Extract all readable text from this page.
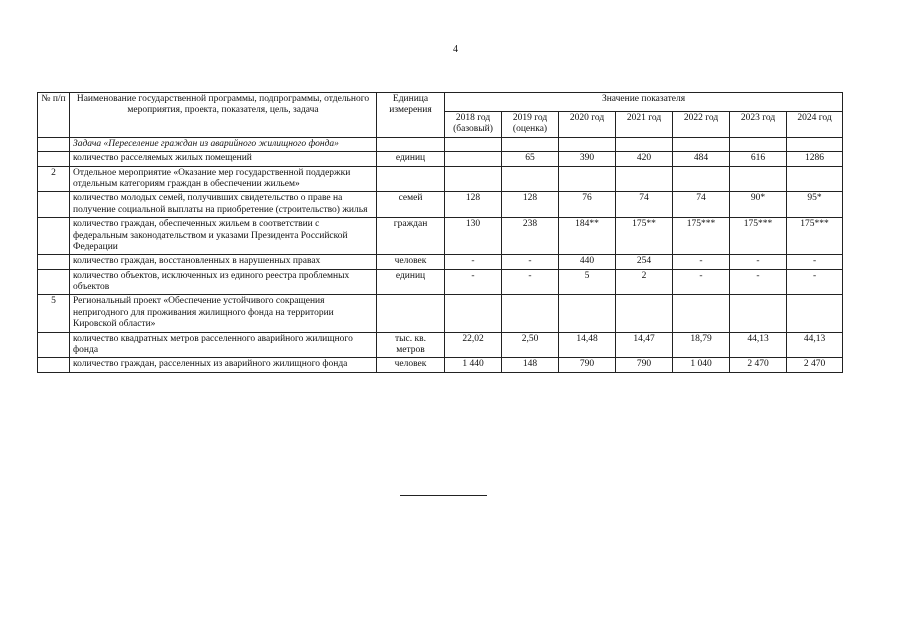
4
№ п/п	Наименование государственной программы, подпрограммы, отдельного мероприятия, проекта, показателя, цель, задача	Единица измерения	Значение показателя						
			2018 год (базовый)	2019 год (оценка)	2020 год	2021 год	2022 год	2023 год	2024 год
	Задача «Переселение граждан из аварийного жилищного фонда»								
	количество расселяемых жилых помещений	единиц		65	390	420	484	616	1286
2	Отдельное мероприятие «Оказание мер государственной поддержки отдельным категориям граждан в обеспечении жильем»								
	количество молодых семей, получивших свидетельство о праве на получение социальной выплаты на приобретение (строительство) жилья	семей	128	128	76	74	74	90*	95*
	количество граждан, обеспеченных жильем в соответствии с федеральным законодательством и указами Президента Российской Федерации	граждан	130	238	184**	175**	175***	175***	175***
	количество граждан, восстановленных в нарушенных правах	человек	-	-	440	254	-	-	-
	количество объектов, исключенных из единого реестра проблемных объектов	единиц	-	-	5	2	-	-	-
5	Региональный проект «Обеспечение устойчивого сокращения непригодного для проживания жилищного фонда на территории Кировской области»								
	количество квадратных метров расселенного аварийного жилищного фонда	тыс. кв. метров	22,02	2,50	14,48	14,47	18,79	44,13	44,13
	количество граждан, расселенных из аварийного жилищного фонда	человек	1 440	148	790	790	1 040	2 470	2 470
